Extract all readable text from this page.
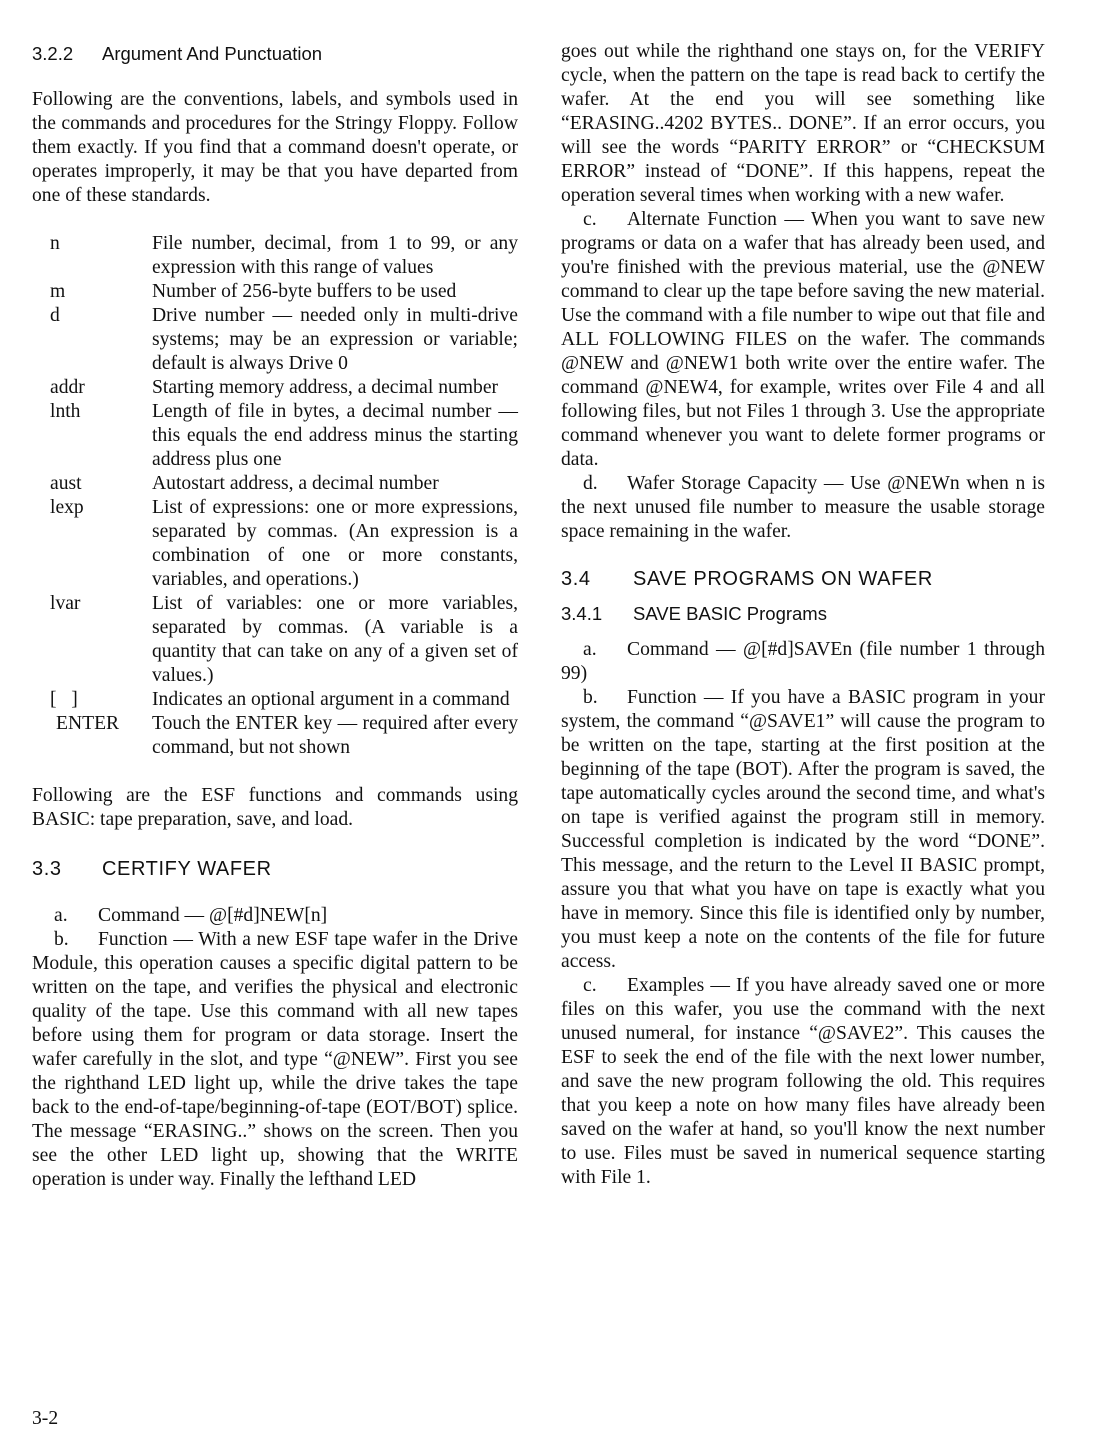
3.2.2 Argument And Punctuation

Following are the conventions, labels, and symbols used in the commands and procedures for the Stringy Floppy. Follow them exactly. If you find that a command doesn't operate, or operates improperly, it may be that you have departed from one of these standards.

n	File number, decimal, from 1 to 99, or any expression with this range of values
m	Number of 256-byte buffers to be used
d	Drive number — needed only in multi-drive systems; may be an expression or variable; default is always Drive 0
addr	Starting memory address, a decimal number
lnth	Length of file in bytes, a decimal number — this equals the end address minus the starting address plus one
aust	Autostart address, a decimal number
lexp	List of expressions: one or more expressions, separated by commas. (An expression is a combination of one or more constants, variables, and operations.)
lvar	List of variables: one or more variables, separated by commas. (A variable is a quantity that can take on any of a given set of values.)
[   ]	Indicates an optional argument in a command
ENTER	Touch the ENTER key — required after every command, but not shown

Following are the ESF functions and commands using BASIC: tape preparation, save, and load.

3.3 CERTIFY WAFER

a. Command — @[#d]NEW[n]

b. Function — With a new ESF tape wafer in the Drive Module, this operation causes a specific digital pattern to be written on the tape, and verifies the physical and electronic quality of the tape. Use this command with all new tapes before using them for program or data storage. Insert the wafer carefully in the slot, and type “@NEW”. First you see the righthand LED light up, while the drive takes the tape back to the end-of-tape/beginning-of-tape (EOT/BOT) splice. The message “ERASING..” shows on the screen. Then you see the other LED light up, showing that the WRITE operation is under way. Finally the lefthand LED

goes out while the righthand one stays on, for the VERIFY cycle, when the pattern on the tape is read back to certify the wafer. At the end you will see something like “ERASING..4202 BYTES.. DONE”. If an error occurs, you will see the words “PARITY ERROR” or “CHECKSUM ERROR” instead of “DONE”. If this happens, repeat the operation several times when working with a new wafer.

c. Alternate Function — When you want to save new programs or data on a wafer that has already been used, and you're finished with the previous material, use the @NEW command to clear up the tape before saving the new material. Use the command with a file number to wipe out that file and ALL FOLLOWING FILES on the wafer. The commands @NEW and @NEW1 both write over the entire wafer. The command @NEW4, for example, writes over File 4 and all following files, but not Files 1 through 3. Use the appropriate command whenever you want to delete former programs or data.

d. Wafer Storage Capacity — Use @NEWn when n is the next unused file number to measure the usable storage space remaining in the wafer.

3.4 SAVE PROGRAMS ON WAFER
3.4.1 SAVE BASIC Programs

a. Command — @[#d]SAVEn (file number 1 through 99)

b. Function — If you have a BASIC program in your system, the command “@SAVE1” will cause the program to be written on the tape, starting at the first position at the beginning of the tape (BOT). After the program is saved, the tape automatically cycles around the second time, and what's on tape is verified against the program still in memory. Successful completion is indicated by the word “DONE”. This message, and the return to the Level II BASIC prompt, assure you that what you have on tape is exactly what you have in memory. Since this file is identified only by number, you must keep a note on the contents of the file for future access.

c. Examples — If you have already saved one or more files on this wafer, you use the command with the next unused numeral, for instance “@SAVE2”. This causes the ESF to seek the end of the file with the next lower number, and save the new program following the old. This requires that you keep a note on how many files have already been saved on the wafer at hand, so you'll know the next number to use. Files must be saved in numerical sequence starting with File 1.

3-2
